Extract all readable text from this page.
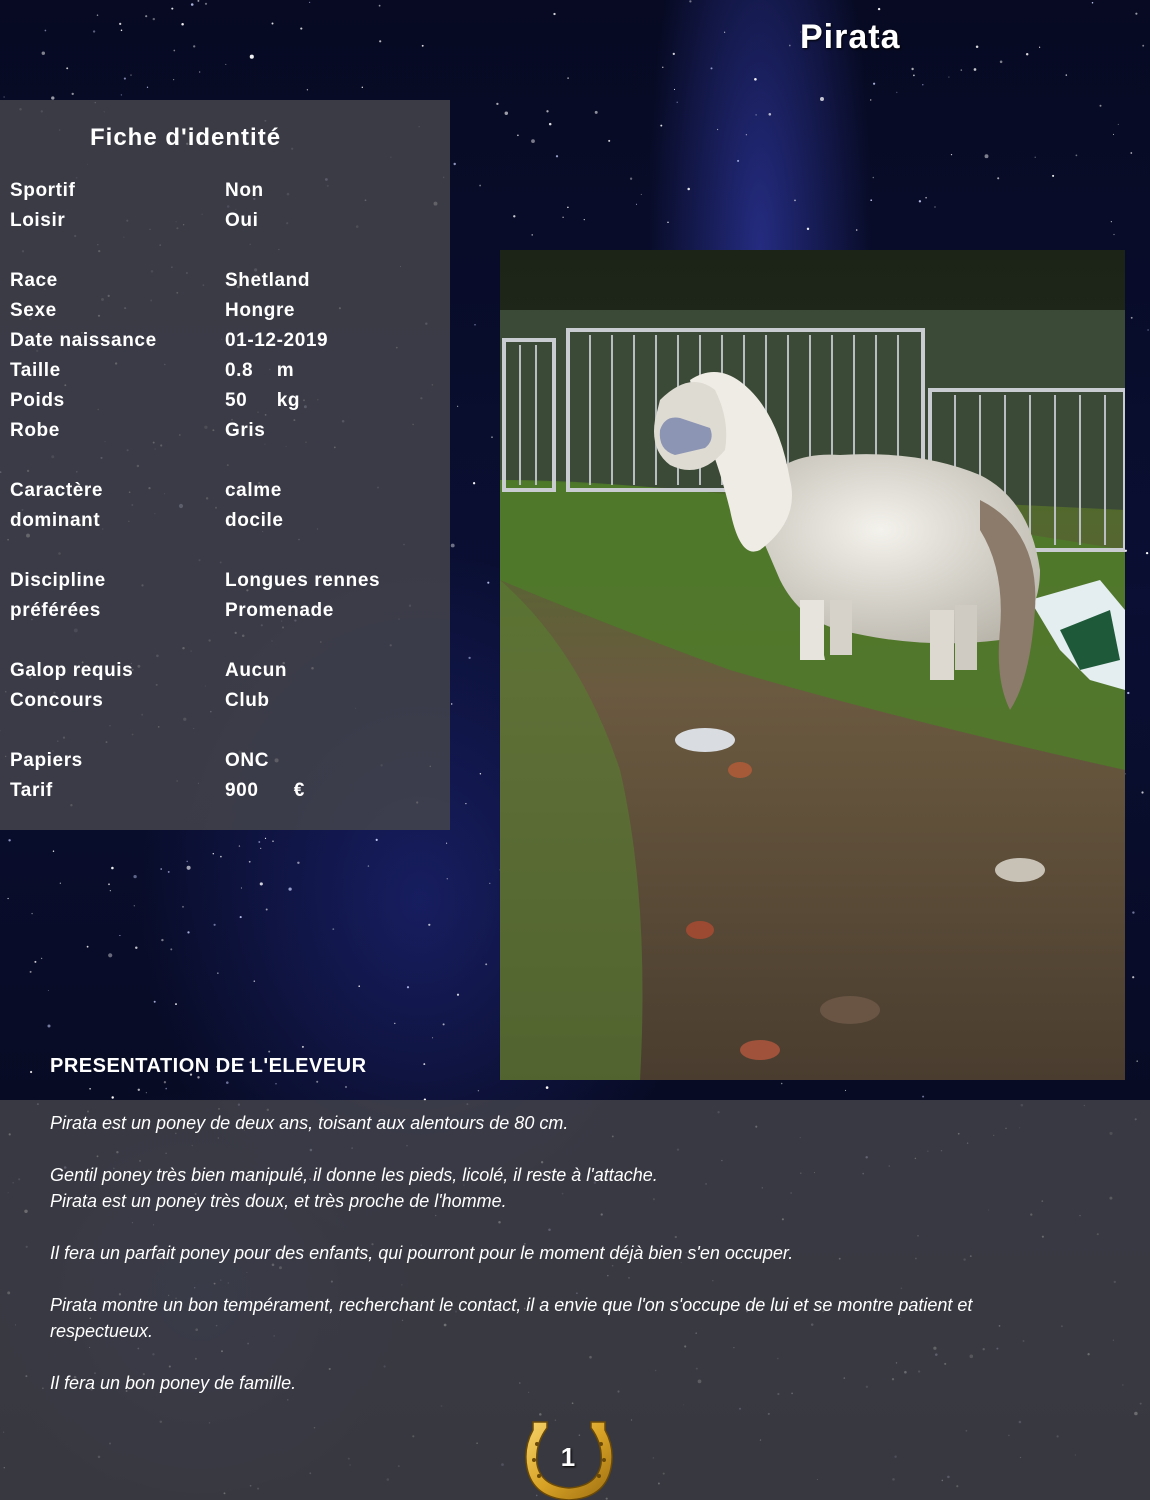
Pirata
Fiche d'identité
Sportif	Non
Loisir	Oui
Race	Shetland
Sexe	Hongre
Date naissance	01-12-2019
Taille	0.8    m
Poids	50     kg
Robe	Gris
Caractère	calme
dominant	docile
Discipline	Longues rennes
préférées	Promenade
Galop requis	Aucun
Concours	Club
Papiers	ONC
Tarif	900      €
PRESENTATION DE L'ELEVEUR

Pirata est un poney de deux ans, toisant aux alentours de 80 cm.

Gentil poney très bien manipulé, il donne les pieds, licolé, il reste à l'attache.

Pirata est un poney très doux, et très proche de l'homme.

Il fera un parfait poney pour des enfants, qui pourront pour le moment déjà bien s'en occuper.

Pirata montre un bon tempérament, recherchant le contact, il a envie que l'on s'occupe de lui et se montre patient et respectueux.

Il fera un bon poney de famille.

1
